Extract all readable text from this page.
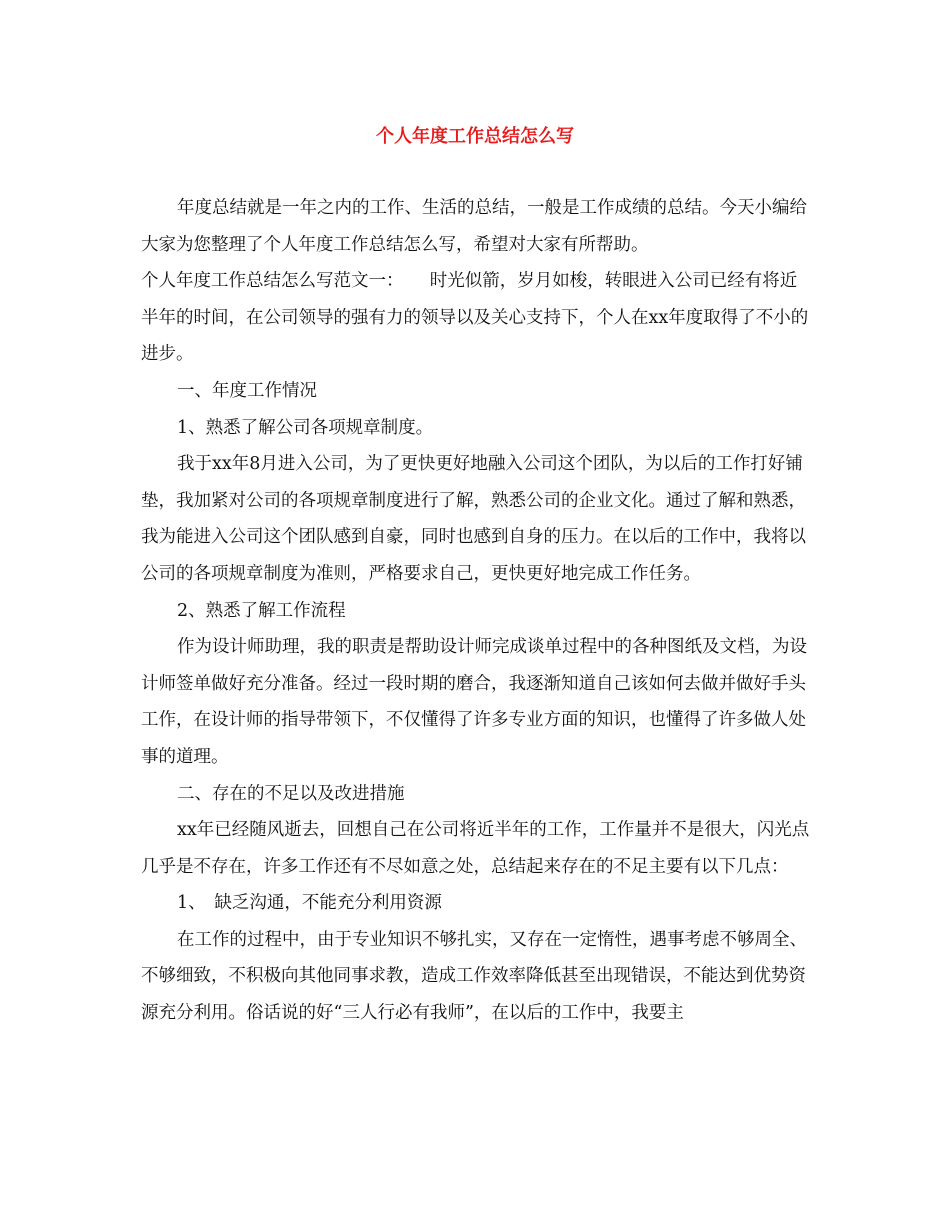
个人年度工作总结怎么写

年度总结就是一年之内的工作、生活的总结，一般是工作成绩的总结。今天小编给大家为您整理了个人年度工作总结怎么写，希望对大家有所帮助。

个人年度工作总结怎么写范文一：　　时光似箭，岁月如梭，转眼进入公司已经有将近半年的时间，在公司领导的强有力的领导以及关心支持下，个人在xx年度取得了不小的进步。

一、年度工作情况

1、熟悉了解公司各项规章制度。

我于xx年8月进入公司，为了更快更好地融入公司这个团队，为以后的工作打好铺垫，我加紧对公司的各项规章制度进行了解，熟悉公司的企业文化。通过了解和熟悉，我为能进入公司这个团队感到自豪，同时也感到自身的压力。在以后的工作中，我将以公司的各项规章制度为准则，严格要求自己，更快更好地完成工作任务。

2、熟悉了解工作流程

作为设计师助理，我的职责是帮助设计师完成谈单过程中的各种图纸及文档，为设计师签单做好充分准备。经过一段时期的磨合，我逐渐知道自己该如何去做并做好手头工作，在设计师的指导带领下，不仅懂得了许多专业方面的知识，也懂得了许多做人处事的道理。

二、存在的不足以及改进措施

xx年已经随风逝去，回想自己在公司将近半年的工作，工作量并不是很大，闪光点几乎是不存在，许多工作还有不尽如意之处，总结起来存在的不足主要有以下几点：

1、　缺乏沟通，不能充分利用资源

在工作的过程中，由于专业知识不够扎实，又存在一定惰性，遇事考虑不够周全、不够细致，不积极向其他同事求教，造成工作效率降低甚至出现错误，不能达到优势资源充分利用。俗话说的好“三人行必有我师”，在以后的工作中，我要主
